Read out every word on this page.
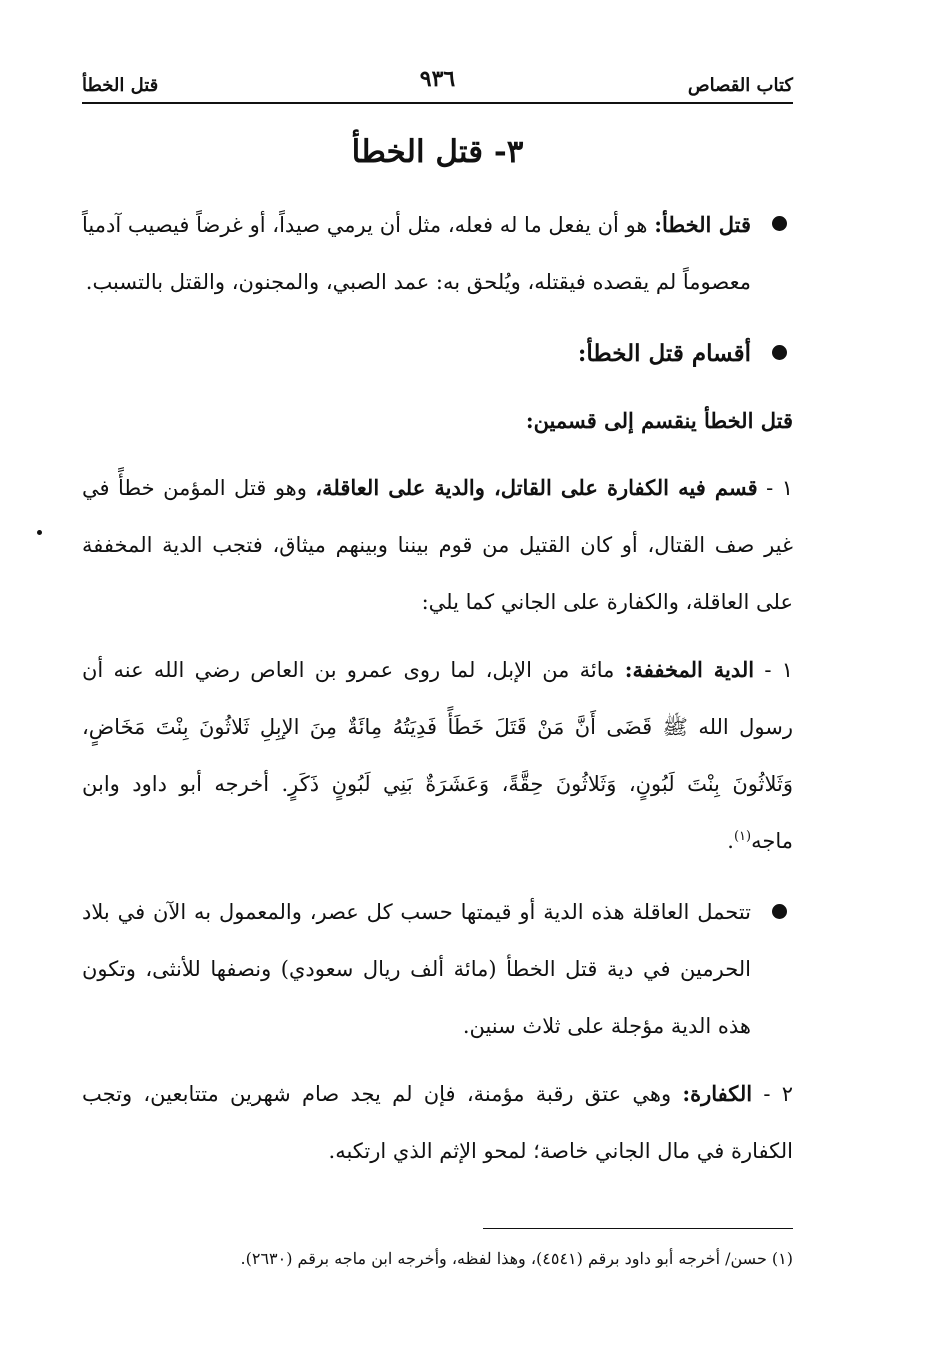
كتاب القصاص
٩٣٦
قتل الخطأ
٣- قتل الخطأ

قتل الخطأ: هو أن يفعل ما له فعله، مثل أن يرمي صيداً، أو غرضاً فيصيب آدمياً معصوماً لم يقصده فيقتله، ويُلحق به: عمد الصبي، والمجنون، والقتل بالتسبب.

أقسام قتل الخطأ:

قتل الخطأ ينقسم إلى قسمين:

١ - قسم فيه الكفارة على القاتل، والدية على العاقلة، وهو قتل المؤمن خطأً في غير صف القتال، أو كان القتيل من قوم بيننا وبينهم ميثاق، فتجب الدية المخففة على العاقلة، والكفارة على الجاني كما يلي:

١ - الدية المخففة: مائة من الإبل، لما روى عمرو بن العاص رضي الله عنه أن رسول الله ﷺ قَضَى أَنَّ مَنْ قَتَلَ خَطَأً فَدِيَتُهُ مِائَةٌ مِنَ الإبِلِ ثَلاثُونَ بِنْتَ مَخَاضٍ، وَثَلاثُونَ بِنْتَ لَبُونٍ، وَثَلاثُونَ حِقَّةً، وَعَشَرَةٌ بَنِي لَبُونٍ ذَكَرٍ. أخرجه أبو داود وابن ماجه$^{(١)}$.

تتحمل العاقلة هذه الدية أو قيمتها حسب كل عصر، والمعمول به الآن في بلاد الحرمين في دية قتل الخطأ (مائة ألف ريال سعودي) ونصفها للأنثى، وتكون هذه الدية مؤجلة على ثلاث سنين.

٢ - الكفارة: وهي عتق رقبة مؤمنة، فإن لم يجد صام شهرين متتابعين، وتجب الكفارة في مال الجاني خاصة؛ لمحو الإثم الذي ارتكبه.

(١) حسن/ أخرجه أبو داود برقم (٤٥٤١)، وهذا لفظه، وأخرجه ابن ماجه برقم (٢٦٣٠).
